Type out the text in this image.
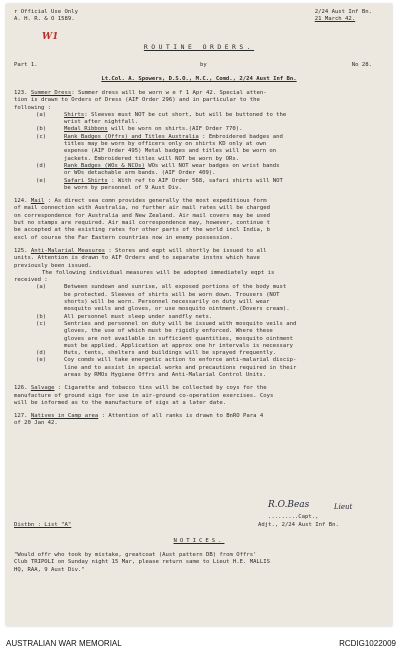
r Official Use Only
A. H. R. & O 1589.
2/24 Aust Inf Bn.
21 March 42.
W1
ROUTINE ORDERS.
Part 1.	by	No 28.
Lt.Col. A. Spowers, D.S.O., M.C., Comd., 2/24 Aust Inf Bn.
123. Summer Dress: Summer dress will be worn w e f 1 Apr 42. Special atten-
tion is drawn to Orders of Dress (AIF Order 296) and in particular to the
following :
(a)	Shirts: Sleeves must NOT be cut short, but will be buttoned to the
wrist after nightfall.
(b)	Medal Ribbons will be worn on shirts.(AIF Order 770).
(c)	Rank Badges (Offrs) and Titles Australia : Embroidered badges and
titles may be worn by officers only on shirts KD only at own
expense (AIF Order 495) Metal badges and titles will be worn on
jackets. Embroidered titles will NOT be worn by ORs.
(d)	Rank Badges (WOs & NCOs) WOs will NOT wear badges on wrist bands
or WOs detachable arm bands. (AIF Order 409).
(e)	Safari Shirts : With ref to AIF Order 568, safari shirts will NOT
be worn by personnel of 9 Aust Div.
124. Mail : As direct sea comn provides generally the most expeditious form
of mail connection with Australia, no further air mail rates will be charged
on correspondence for Australia and New Zealand. Air mail covers may be used
but no stamps are required. Air mail correspondence may, however, continue t
be accepted at the existing rates for other parts of the world incl India, b
excl of course the Far Eastern countries now in enemy possession.
125. Anti-Malarial Measures : Stores and eqpt will shortly be issued to all
units. Attention is drawn to AIF Orders and to separate instns which have
previously been issued.
The following individual measures will be adopted immediately eqpt is
received :
(a)	Between sundown and sunrise, all exposed portions of the body must
be protected. Sleeves of shirts will be worn down. Trousers (NOT
shorts) will be worn. Personnel necessarily on duty will wear
mosquito veils and gloves, or use mosquito ointment.(Dovers cream).
(b)	All personnel must sleep under sandfly nets.
(c)	Sentries and personnel on duty will be issued with mosquito veils and
gloves, the use of which must be rigidly enforced. Where these
gloves are not available in sufficient quantities, mosquito ointment
must be applied. Application at approx one hr intervals is necessary
(d)	Huts, tents, shelters and buildings will be sprayed frequently.
(e)	Coy comds will take energetic action to enforce anti-malarial discip-
line and to assist in special works and precautions required in their
areas by RMOs Hygiene Offrs and Anti-Malarial Control Units.
126. Salvage : Cigarette and tobacco tins will be collected by coys for the
manufacture of ground sigs for use in air-ground co-operation exercises. Coys
will be informed as to the manufacture of sigs at a later date.
127. Natives in Camp area : Attention of all ranks is drawn to BnRO Para 4
of 20 Jan 42.
R.O.Beas	Lieut
.........Capt.,
Distbn : List "A"	Adjt., 2/24 Aust Inf Bn.
NOTICES.
"Would offr who took by mistake, greatcoat (Aust pattern DB) from Offrs'
Club TRIPOLI on Sunday night 15 Mar, please return same to Lieut H.E. MALLIS
HQ, RAA, 9 Aust Div."
AUSTRALIAN WAR MEMORIAL	RCDIG1022009
